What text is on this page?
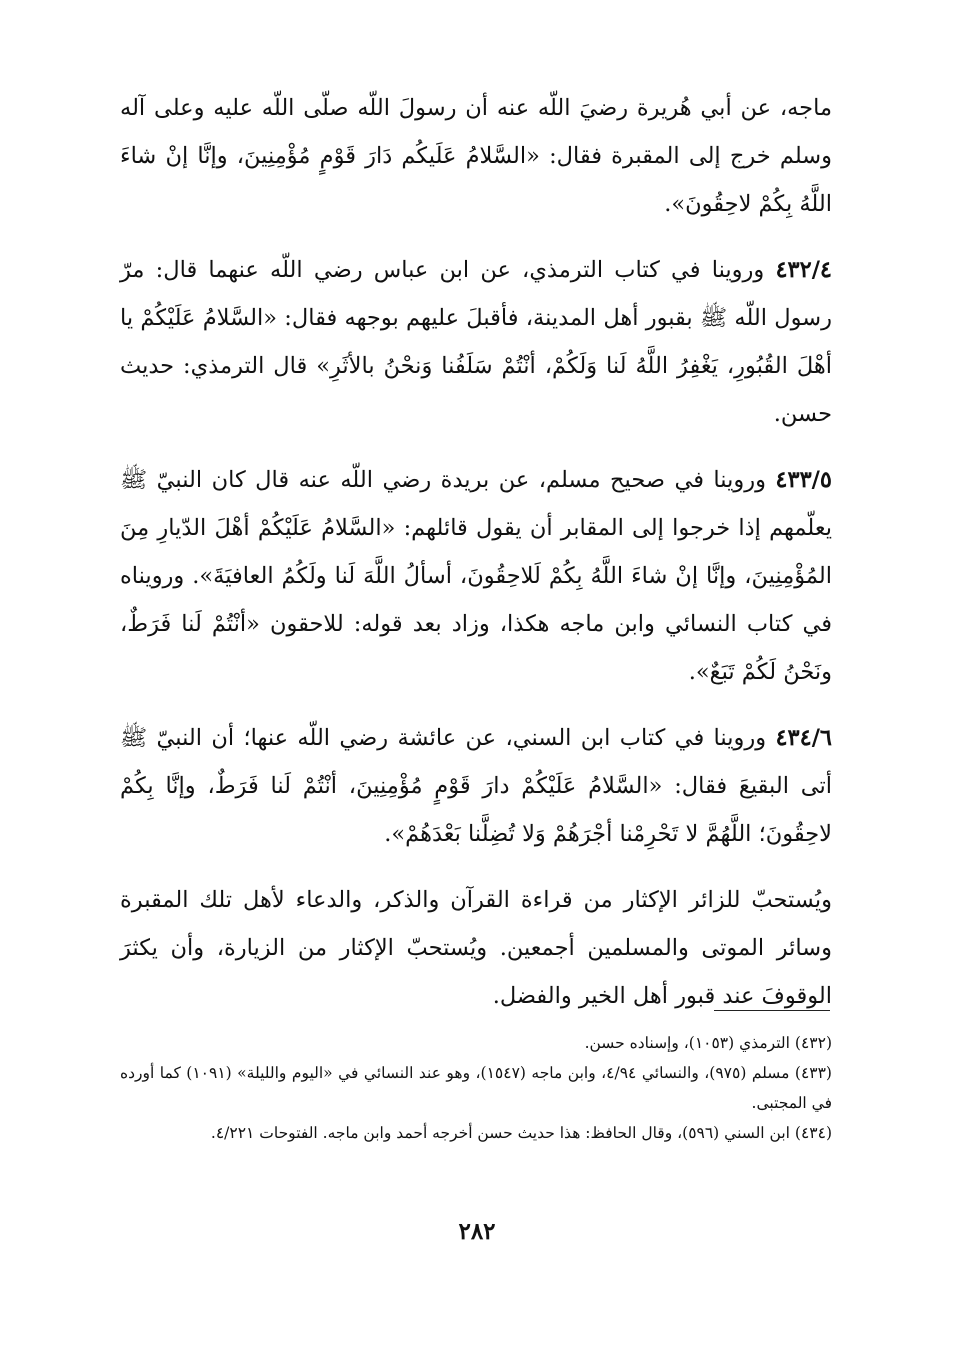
ماجه، عن أبي هُريرة رضيَ اللّه عنه أن رسولَ اللّه صلّى اللّه عليه وعلى آله وسلم خرج إلى المقبرة فقال: «السَّلامُ عَلَيكُم دَارَ قَوْمٍ مُؤْمِنِينَ، وإنَّا إنْ شاءَ اللَّهُ بِكُمْ لاحِقُونَ».

٤٣٢/٤ وروينا في كتاب الترمذي، عن ابن عباس رضي اللّه عنهما قال: مرّ رسول اللّه ﷺ بقبور أهل المدينة، فأقبلَ عليهم بوجهه فقال: «السَّلامُ عَلَيْكُمْ يا أهْلَ القُبُورِ، يَغْفِرُ اللَّهُ لَنا وَلَكُمْ، أنْتُمْ سَلَفُنا وَنحْنُ بالأثَرِ» قال الترمذي: حديث حسن.

٤٣٣/٥ وروينا في صحيح مسلم، عن بريدة رضي اللّه عنه قال كان النبيّ ﷺ يعلّمهم إذا خرجوا إلى المقابر أن يقول قائلهم: «السَّلامُ عَلَيْكُمْ أهْلَ الدّيارِ مِنَ المُؤْمِنِينَ، وإنَّا إنْ شاءَ اللَّهُ بِكُمْ لَلاحِقُونَ، أسألُ اللَّهَ لَنا ولَكُمُ العافيَةَ». ورويناه في كتاب النسائي وابن ماجه هكذا، وزاد بعد قوله: للاحقون «أنْتُمْ لَنا فَرَطٌ، ونَحْنُ لَكُمْ تَبَعٌ».

٤٣٤/٦ وروينا في كتاب ابن السني، عن عائشة رضي اللّه عنها؛ أن النبيّ ﷺ أتى البقيعَ فقال: «السَّلامُ عَلَيْكُمْ دارَ قَوْمٍ مُؤْمِنِينَ، أنْتُمْ لَنا فَرَطٌ، وإنَّا بِكُمْ لاحِقُونَ؛ اللَّهُمَّ لا تَحْرِمْنا أجْرَهُمْ وَلا تُضِلَّنا بَعْدَهُمْ».

ويُستحبّ للزائر الإكثار من قراءة القرآن والذكر، والدعاء لأهل تلك المقبرة وسائر الموتى والمسلمين أجمعين. ويُستحبّ الإكثار من الزيارة، وأن يكثرَ الوقوفَ عند قبور أهل الخير والفضل.

(٤٣٢) الترمذي (١٠٥٣)، وإسناده حسن.

(٤٣٣) مسلم (٩٧٥)، والنسائي ٤/٩٤، وابن ماجه (١٥٤٧)، وهو عند النسائي في «اليوم والليلة» (١٠٩١) كما أورده في المجتبى.

(٤٣٤) ابن السني (٥٩٦)، وقال الحافظ: هذا حديث حسن أخرجه أحمد وابن ماجه. الفتوحات ٤/٢٢١.

٢٨٢
